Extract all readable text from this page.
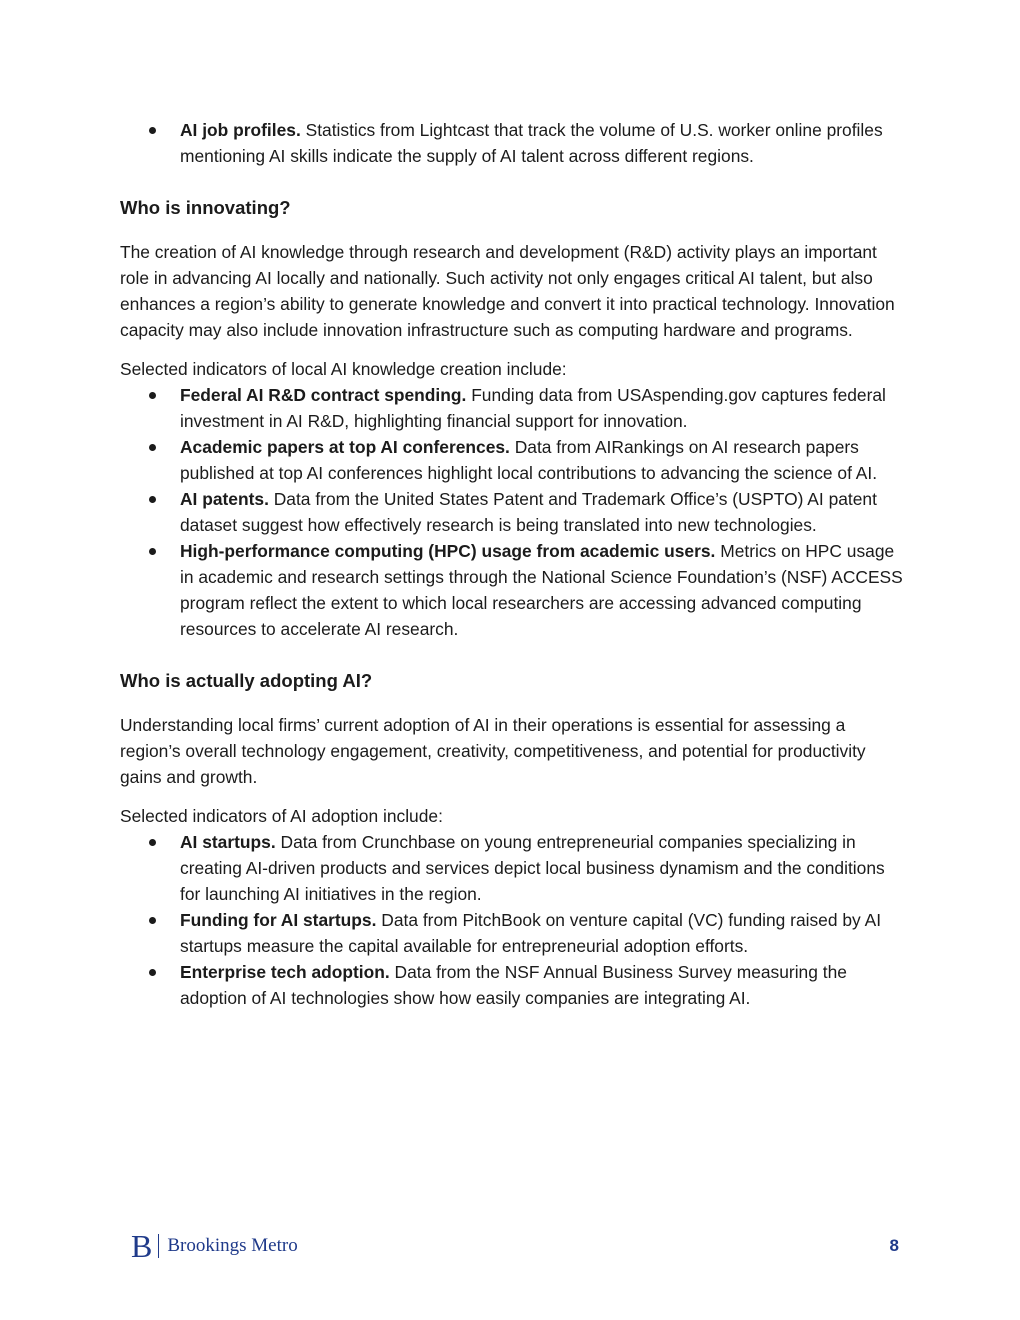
AI job profiles. Statistics from Lightcast that track the volume of U.S. worker online profiles mentioning AI skills indicate the supply of AI talent across different regions.
Who is innovating?

The creation of AI knowledge through research and development (R&D) activity plays an important role in advancing AI locally and nationally. Such activity not only engages critical AI talent, but also enhances a region’s ability to generate knowledge and convert it into practical technology. Innovation capacity may also include innovation infrastructure such as computing hardware and programs.

Selected indicators of local AI knowledge creation include:

Federal AI R&D contract spending. Funding data from USAspending.gov captures federal investment in AI R&D, highlighting financial support for innovation.
Academic papers at top AI conferences. Data from AIRankings on AI research papers published at top AI conferences highlight local contributions to advancing the science of AI.
AI patents. Data from the United States Patent and Trademark Office’s (USPTO) AI patent dataset suggest how effectively research is being translated into new technologies.
High-performance computing (HPC) usage from academic users. Metrics on HPC usage in academic and research settings through the National Science Foundation’s (NSF) ACCESS program reflect the extent to which local researchers are accessing advanced computing resources to accelerate AI research.
Who is actually adopting AI?

Understanding local firms’ current adoption of AI in their operations is essential for assessing a region’s overall technology engagement, creativity, competitiveness, and potential for productivity gains and growth.

Selected indicators of AI adoption include:

AI startups. Data from Crunchbase on young entrepreneurial companies specializing in creating AI-driven products and services depict local business dynamism and the conditions for launching AI initiatives in the region.
Funding for AI startups. Data from PitchBook on venture capital (VC) funding raised by AI startups measure the capital available for entrepreneurial adoption efforts.
Enterprise tech adoption. Data from the NSF Annual Business Survey measuring the adoption of AI technologies show how easily companies are integrating AI.
B Brookings Metro	8
